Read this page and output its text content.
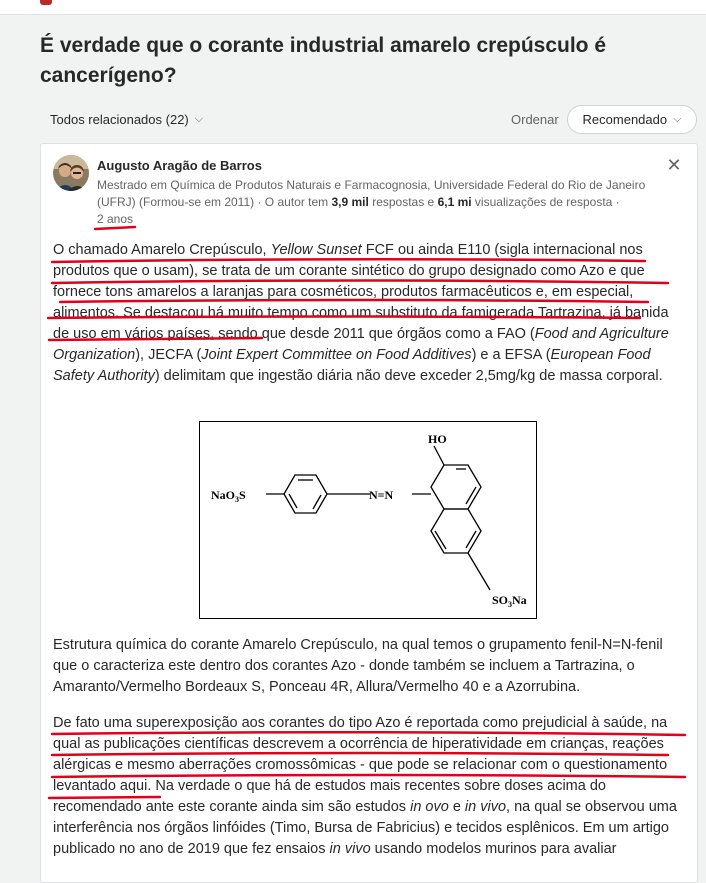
É verdade que o corante industrial amarelo crepúsculo é cancerígeno?
Todos relacionados (22) ⌵	Ordenar Recomendado ⌵
Augusto Aragão de Barros	✕
Mestrado em Química de Produtos Naturais e Farmacognosia, Universidade Federal do Rio de Janeiro (UFRJ) (Formou-se em 2011) · O autor tem 3,9 mil respostas e 6,1 mi visualizações de resposta ·
2 anos

O chamado Amarelo Crepúsculo, Yellow Sunset FCF ou ainda E110 (sigla internacional nos produtos que o usam), se trata de um corante sintético do grupo designado como Azo e que fornece tons amarelos a laranjas para cosméticos, produtos farmacêuticos e, em especial, alimentos. Se destacou há muito tempo como um substituto da famigerada Tartrazina, já banida de uso em vários países, sendo que desde 2011 que órgãos como a FAO (Food and Agriculture Organization), JECFA (Joint Expert Committee on Food Additives) e a EFSA (European Food Safety Authority) delimitam que ingestão diária não deve exceder 2,5mg/kg de massa corporal.

HO
NaO$_3$S	N=N
$SO_3Na$

Estrutura química do corante Amarelo Crepúsculo, na qual temos o grupamento fenil-N=N-fenil que o caracteriza este dentro dos corantes Azo - donde também se incluem a Tartrazina, o Amaranto/Vermelho Bordeaux S, Ponceau 4R, Allura/Vermelho 40 e a Azorrubina.

De fato uma superexposição aos corantes do tipo Azo é reportada como prejudicial à saúde, na qual as publicações científicas descrevem a ocorrência de hiperatividade em crianças, reações alérgicas e mesmo aberrações cromossômicas - que pode se relacionar com o questionamento levantado aqui. Na verdade o que há de estudos mais recentes sobre doses acima do recomendado ante este corante ainda sim são estudos in ovo e in vivo, na qual se observou uma interferência nos órgãos linfóides (Timo, Bursa de Fabricius) e tecidos esplênicos. Em um artigo publicado no ano de 2019 que fez ensaios in vivo usando modelos murinos para avaliar
